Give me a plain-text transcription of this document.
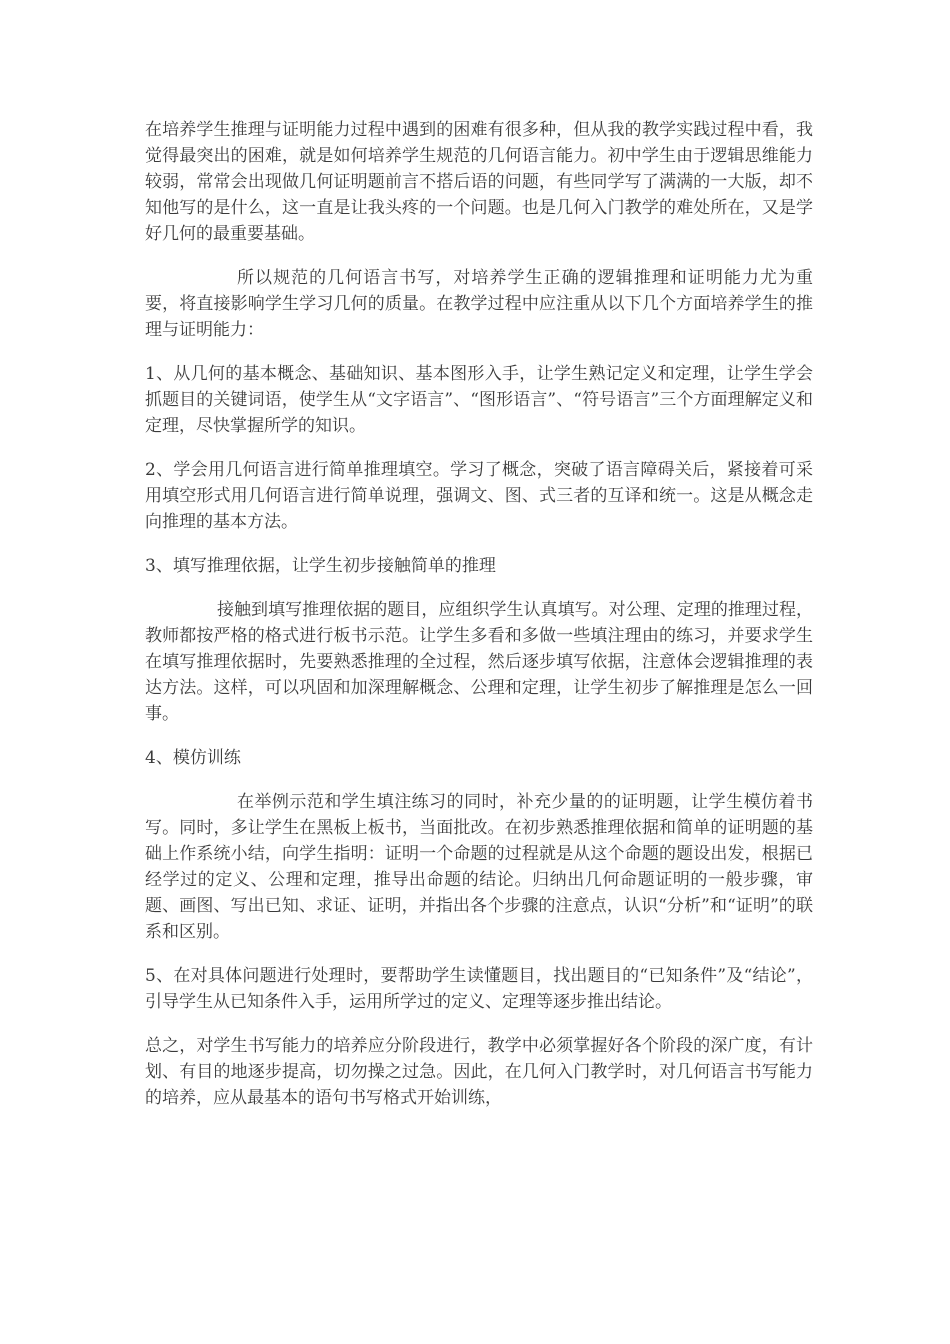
在培养学生推理与证明能力过程中遇到的困难有很多种，但从我的教学实践过程中看，我觉得最突出的困难，就是如何培养学生规范的几何语言能力。初中学生由于逻辑思维能力较弱，常常会出现做几何证明题前言不搭后语的问题，有些同学写了满满的一大版，却不知他写的是什么，这一直是让我头疼的一个问题。也是几何入门教学的难处所在，又是学好几何的最重要基础。

所以规范的几何语言书写，对培养学生正确的逻辑推理和证明能力尤为重要，将直接影响学生学习几何的质量。在教学过程中应注重从以下几个方面培养学生的推理与证明能力：

1、从几何的基本概念、基础知识、基本图形入手，让学生熟记定义和定理，让学生学会抓题目的关键词语，使学生从“文字语言”、“图形语言”、“符号语言”三个方面理解定义和定理，尽快掌握所学的知识。

2、学会用几何语言进行简单推理填空。学习了概念，突破了语言障碍关后，紧接着可采用填空形式用几何语言进行简单说理，强调文、图、式三者的互译和统一。这是从概念走向推理的基本方法。

3、填写推理依据，让学生初步接触简单的推理

接触到填写推理依据的题目，应组织学生认真填写。对公理、定理的推理过程，教师都按严格的格式进行板书示范。让学生多看和多做一些填注理由的练习，并要求学生在填写推理依据时，先要熟悉推理的全过程，然后逐步填写依据，注意体会逻辑推理的表达方法。这样，可以巩固和加深理解概念、公理和定理，让学生初步了解推理是怎么一回事。

4、模仿训练

在举例示范和学生填注练习的同时，补充少量的的证明题，让学生模仿着书写。同时，多让学生在黑板上板书，当面批改。在初步熟悉推理依据和简单的证明题的基础上作系统小结，向学生指明：证明一个命题的过程就是从这个命题的题设出发，根据已经学过的定义、公理和定理，推导出命题的结论。归纳出几何命题证明的一般步骤，审题、画图、写出已知、求证、证明，并指出各个步骤的注意点，认识“分析”和“证明”的联系和区别。

5、在对具体问题进行处理时，要帮助学生读懂题目，找出题目的“已知条件”及“结论”，引导学生从已知条件入手，运用所学过的定义、定理等逐步推出结论。

总之，对学生书写能力的培养应分阶段进行，教学中必须掌握好各个阶段的深广度，有计划、有目的地逐步提高，切勿操之过急。因此，在几何入门教学时，对几何语言书写能力的培养，应从最基本的语句书写格式开始训练，
